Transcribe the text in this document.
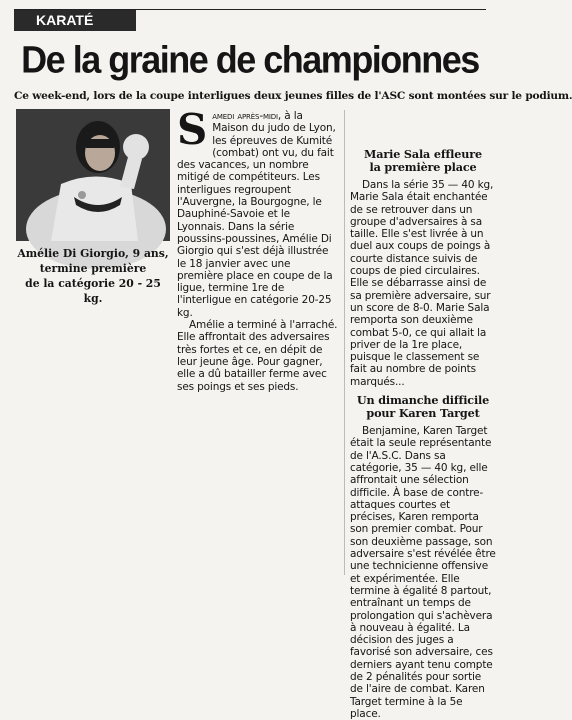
KARATÉ
De la graine de championnes
Ce week-end, lors de la coupe interligues deux jeunes filles de l'ASC sont montées sur le podium.
Amélie Di Giorgio, 9 ans,
termine première
de la catégorie 20 - 25 kg.

Samedi après-midi, à la Maison du judo de Lyon, les épreuves de Kumité (combat) ont vu, du fait des vacances, un nombre mitigé de compétiteurs. Les interligues regroupent l'Auvergne, la Bourgogne, le Dauphiné-Savoie et le Lyonnais. Dans la série poussins-poussines, Amélie Di Giorgio qui s'est déjà illustrée le 18 janvier avec une première place en coupe de la ligue, termine 1re de l'interligue en catégorie 20-25 kg.

Amélie a terminé à l'arraché. Elle affrontait des adversaires très fortes et ce, en dépit de leur jeune âge. Pour gagner, elle a dû batailler ferme avec ses poings et ses pieds.

Marie Sala effleure
la première place

Dans la série 35 — 40 kg, Marie Sala était enchantée de se retrouver dans un groupe d'adversaires à sa taille. Elle s'est livrée à un duel aux coups de poings à courte distance suivis de coups de pied circulaires. Elle se débarrasse ainsi de sa première adversaire, sur un score de 8-0. Marie Sala remporta son deuxième combat 5-0, ce qui allait la priver de la 1re place, puisque le classement se fait au nombre de points marqués...

Un dimanche difficile
pour Karen Target

Benjamine, Karen Target était la seule représentante de l'A.S.C. Dans sa catégorie, 35 — 40 kg, elle affrontait une sélection difficile. À base de contre-attaques courtes et précises, Karen remporta son premier combat. Pour son deuxième passage, son adversaire s'est révélée être une technicienne offensive et expérimentée. Elle termine à égalité 8 partout, entraînant un temps de prolongation qui s'achèvera à nouveau à égalité. La décision des juges a favorisé son adversaire, ces derniers ayant tenu compte de 2 pénalités pour sortie de l'aire de combat. Karen Target termine à la 5e place.
